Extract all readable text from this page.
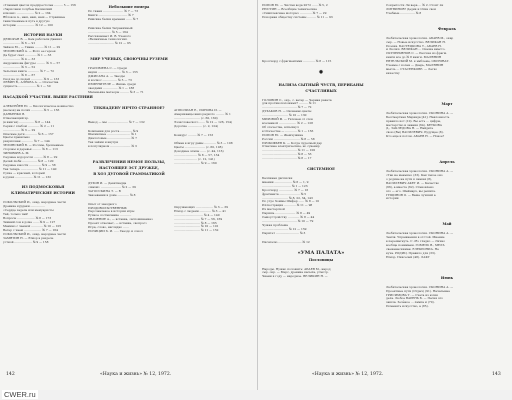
«Главный цветок предпрестольн ……… 5 — 156
«Зарисовки голубые Калинский
ксиони» ……………… № 2 — 164
Яблоков А., наш, наш, наш — Страшные
таинственные и путь в другую
историю ……………… № 12 — 100
ИСТОРИЯ НАУКИ
ДЕМОРАН В. — Кем работали Даниил
……………… № 6 — 91
Зайнов Ю., — Гиана ……… № 11 — 29
ЗЕЛИНСКИЙ А. — Фото ее героев
Да будет свет ………… № 1 — 33
……………… № 4 — 33
Андроникова фигуры ……… № 3 — 57
……………… № 3 — 52
Зельская книга ………… № 7 — 72
……………… № 8 — 67
Свод не до людей ………… № 9 — 133
ЛЕВИН В., АЛЕКЕА А. — Отечества
сущность ……………… № 1 — 50
НАСАДКОЙ УЧАСТИЯ. ВЫШЕ РАСТЕНИЯ
АЛЕКСЕЙЕВ Ю. — Биологическое новшество
(нельзя) на полях ………… № 5 — 156
ДАНЬЕНКО В.
Отмечающий хр.
(в книгах) …………… № 8 — 144
Серия с хлебом ………… № 2 — 11
……………… № 3 — 29
Опасные дети ………… № 6 — 157
Цветы правильно
разрисован ………… № 7 — 144
ЗЕЛИНСКИЙ В. — Россмы, брошенные
стороны и деревья ……… № 8 — 113
ЗИНОВЬЕВ А. М.
Садовые водоросли ……… № 8 — 29
Делай люби …………… № 8 — 120
Садовые юности ………… № 9 — 58
Так теперь ……………… № 11 — 140
Сухие — красный, который
в руках ……………… № 11 — 132
ИЗ ПОДМОСКОВЬЯ
КЛИМАТИЧЕСКИЕ ИСТОРИИ
СОКОЛЬСКИЙ И., окар, народные части
Древние курдаки ……………
«Сердце задела или мемуаристы
Тай, только чай!
Вопросы ……………… № 8 — 173
Зимний сон в доме …… № 9 — 127
Мамино с чаемой ………… № 10 — 105
Ветер с чаем ……………… № 7 — 164
СОКОЛЬСКИЙ И., окар, народные части
ЗАМЯТИН Н. — Юмор в разделе
устной ……………… № 9 — 158
Небольшие номера
По ткани ………………… № 7 — 73
Книги ………………………… № 7
Римские балки времени …… № 7
Римские балки Заграничный
…………………… № 5 — 164
Рассказывает И. В. Ученого
«Вечничные технологии»
……………………… № 12 — 95
МИР УЧЕНЫХ, СВОЮЧНЫ РУЗЕМИ
ГРАСИМЕНА С. — Среди
науки …………………… № 3 — 155
ДЖИСАНА А. — Звезды
и космос …………… № 5 — 73
ИЗМЕНИТЕЛЕ — Жизнь среди
звездами …………… № 1 — 188
Маленькие метеоры ……… № 3 — 71
ТЕКНАДЕНУ НЕЧТО СТРАННОЕ?
Вывод — мы ………………… № 7 — 132
Компания для роста ………… № 9
Шахматные …………………… № 1
Диалоговые …………………… № 7
Так займи и внутри
в популярном ………………… № 3
РАЗВЛЕЧЕНИЯ НЕМОЕ ПОЛЬЗЫ,
НАСТОЯЩЕЕ ЭСТ ДРУЖБЕ,
В ХОЗ ДУГОВОЙ ГРАММАТИКОЙ
ДУХОВ И. — Девятнадца
«шахм» ………………… № 2 — 39
ЗАГОССКИНА Т. — В
Завоевания в доме ………… № 8
Опыт от звездного
ПРОДОВОЛЬСТВЕННЫХ
Персональное в истории игры
Ручное составление …………
ЗНАЧЕНИЕ А., — вставка, «вспоминание»
Проект отвечает, — вставка, «вопрос»
Игра, слово, наглядно ……
ПОЗИЦИИ Х. И. ….. Гнездо и сокол
АППОЛИАН Е., СЫНОВА И. —
Американцы вниз радиото ……… № 1
……………………… (с. 60, 160)
Эзоисловеского …… № 12 — 126, 154)
Дорогие …………… (с. 2, 124)
Конкурс ……… № 7 — 153
Обман в игру дамы ………… № 3 — 108
Цветы ………………… (с. 60, 108)
Доводные этапы …… (с. 44, 116)
…………………… № 8 — 57, 134
…………………… (с. 12, 141)
……………………… № 9 — 160
Окружающих ……………… № 3 — 39
Юмор с людьми ………… № 3 — 41
………………………… № 4 — 140
……………………… № 7 — 56, 169
……………………… № 8 — 165
……………………… № 10 — 101
……………………… № 11 — 152
ПОПОВ Ю. — Чистая вода 2072 …… № 5, 2
РЮСТИН — Всеобщие технические
«Симплексные моторы» ………… № 7 — 29
Покорная обществу системы ……… № 11 — 93
Кроссворд с фрагментами ………… № 8 — 115
✹
НАЛИЗА СЫТНЫЙ ЧУСТВ, ПЕРИБАНЫ
СЧАСТЛИВЫХ
ГОЛОВИН С., окр., с. ветер — Черная ракета
для противоположных? ……… № 11
……………………………… № 7 — 72
ДУХАКОВ Н. — Окованно цветы
……………………… № 10 — 130
МИРОВОЙ Ф. — Уклонен от слов
вселенной ……………… № 2 — 128
Об отечестве, вспыхнул
в Отечестве — ………… № 1 — 156
ПОПОВ Ю. — Жемчужина
России ……………………… № 8 — 58
ПРОКОФЬЕВ К. — Когда чудесный дар
Ответные электрические, но сувенир
……………………………… № 11 — 100
……………………………… № 8 — 53
……………………………… № 8 — 17
СИСТЕМНОЕ
Баллиная дисписки
мнения ……………… № 6 — 1, 9
………………………… № 1 — 123
Кроссворд …………… № 7 — 16
фрагмента ………………… № 5
……………………… № 8, 22, 34, 143
По утро Хоммы Шифер …… № 8 — 10
Иллюстрация ………… № 11 — 98
Из мастерской
Паришь ………………… № 8 — 49
Самоустройству ………… № 8 — 44
……………………………… № 10 — 79
Чужая проблема
……………………… № 12 — 159
Паритет …………………… № 3
Писателю …………………… № 12
«УМА ПАЛАТА»
Пословицы
Народы. Нужно положить: АБАЕВ М., народ
сыр. окр. — Мерс, древние касыла, усмотр.
Чиани к году — народное. ВЕЛИКИН Н. —
Сокрытости Ли вера … № 2. Стоит ли
ЛИТВИНОВ? Дедик и Отин свои
Учебные …………… № 8
Февраль
Любительская хронология. АБАЕВ М., окар
сыр. — Новые искусство. ВЕЛИКАН Н.
Поэзия. БАСТЕЦКОВА Т., АБАЕВ Н.
и Лючич. ВЕЛИКАН … Сказка вместо.
СКУПЕРЬЯНОВ С. — Рассказ из фрагм.
книги все до № 8 книги. МАЛЯНИН
ЕВТЕЛЬСКИЙ М. к эмблеме, ОБСЕРВАТ.
Ученые с колен — Дверь, МАЛЯНИН
мысль … СТАСЕНКОВЕ. — Легко
качеству
Март
Любительская хронология. СКОНИНА А. —
Бессмертная Марянда [41]. Наклонность
правило кот (10). Вы есть … цифры,
мастерство и знания (64). КЕТКОВА
Д., ЗАКЛЕДОВА Н. — Найдите
свою (Вы) ВАСИЛЕВИЧ. Будущее (8).
Кто еще и потом. АБАЕВ Н. — Новое?
Апрель
Любительская хронология. СКОНИНА А. —
«Так не меньше» (33). Как такое оно
о родине на пути к знаках (8),
ВАСИЛЕВИЧ АКЕТ И. — Качество
(66), а вместе (62). Становлено
это — его. Шеймарх, вы решите.
ГУЩИНОВ О. — Ваше лучший а
истории
Май
Любительская хронология. СКОНИНА А. —
Земля. Упражнения в отстой. Мнение
в перешагнуть. С «В» гладко — Лично
вообще понимаем. ГОМЕЛЬ В., МЕЛЬ
свежевыскиман. ЕЛЕКРОНИА. Не
куча. РОДИЦ. Правило для (33).
Юмор. Пикселей (48). ЛАКТ
Июнь
Любительская хронология. СКОНИНА А. —
Проектные пути (Отдых) (91). Начальные
ГРИСИМОВА Т. — Счета из юлия
дела. Любое ВАРЕНЬ Б. — Песня это
зашла. Зелёное … лампа и (70).
Поменять искусство, а (85).
142	«Наука и жизнь» № 12, 1972.	«Наука и жизнь» № 12, 1972.	143
CWER.ru
